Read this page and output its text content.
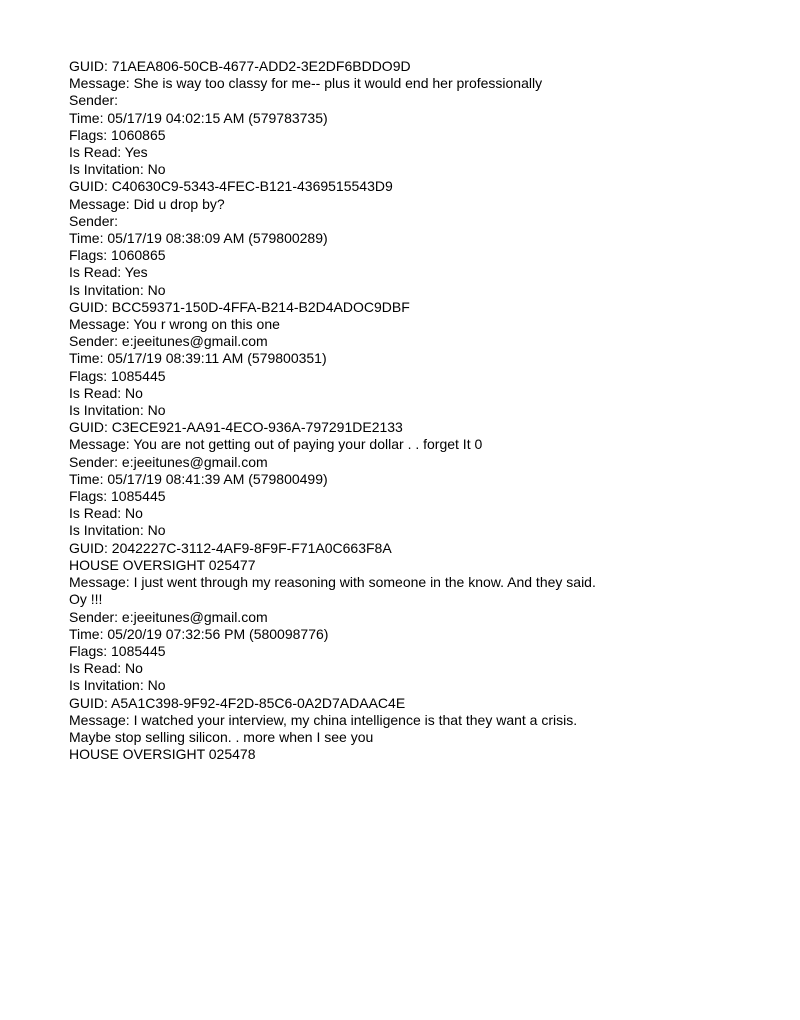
GUID: 71AEA806-50CB-4677-ADD2-3E2DF6BDDO9D
Message: She is way too classy for me-- plus it would end her professionally
Sender:
Time: 05/17/19 04:02:15 AM (579783735)
Flags: 1060865
Is Read: Yes
Is Invitation: No
GUID: C40630C9-5343-4FEC-B121-4369515543D9
Message: Did u drop by?
Sender:
Time: 05/17/19 08:38:09 AM (579800289)
Flags: 1060865
Is Read: Yes
Is Invitation: No
GUID: BCC59371-150D-4FFA-B214-B2D4ADOC9DBF
Message: You r wrong on this one
Sender: e:jeeitunes@gmail.com
Time: 05/17/19 08:39:11 AM (579800351)
Flags: 1085445
Is Read: No
Is Invitation: No
GUID: C3ECE921-AA91-4ECO-936A-797291DE2133
Message: You are not getting out of paying your dollar . . forget It 0
Sender: e:jeeitunes@gmail.com
Time: 05/17/19 08:41:39 AM (579800499)
Flags: 1085445
Is Read: No
Is Invitation: No
GUID: 2042227C-3112-4AF9-8F9F-F71A0C663F8A
HOUSE OVERSIGHT 025477
Message: I just went through my reasoning with someone in the know. And they said.
Oy !!!
Sender: e:jeeitunes@gmail.com
Time: 05/20/19 07:32:56 PM (580098776)
Flags: 1085445
Is Read: No
Is Invitation: No
GUID: A5A1C398-9F92-4F2D-85C6-0A2D7ADAAC4E
Message: I watched your interview, my china intelligence is that they want a crisis.
Maybe stop selling silicon. . more when I see you
HOUSE OVERSIGHT 025478
